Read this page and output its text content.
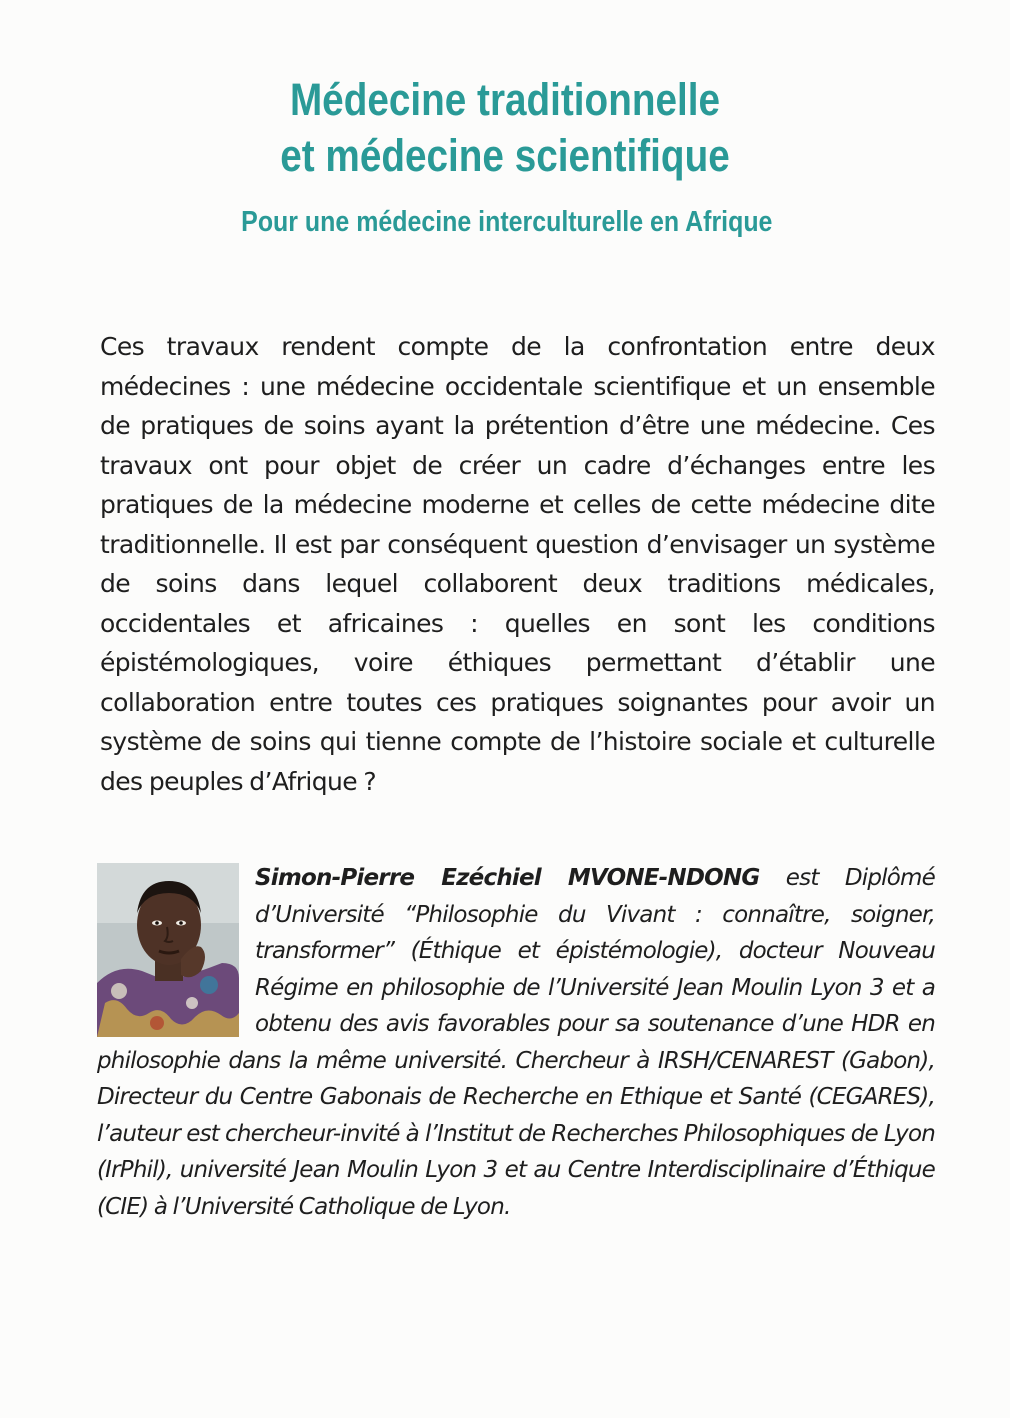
Médecine traditionnelle
et médecine scientifique
Pour une médecine interculturelle en Afrique
Ces travaux rendent compte de la confrontation entre deux médecines : une médecine occidentale scientifique et un ensemble de pratiques de soins ayant la prétention d’être une médecine. Ces travaux ont pour objet de créer un cadre d’échanges entre les pratiques de la médecine moderne et celles de cette médecine dite traditionnelle. Il est par conséquent question d’envisager un système de soins dans lequel collaborent deux traditions médicales, occidentales et africaines : quelles en sont les conditions épistémologiques, voire éthiques permettant d’établir une collaboration entre toutes ces pratiques soignantes pour avoir un système de soins qui tienne compte de l’histoire sociale et culturelle des peuples d’Afrique ?
Simon-Pierre Ezéchiel MVONE-NDONG est Diplômé d’Université “Philosophie du Vivant : connaître, soigner, transformer” (Éthique et épistémologie), docteur Nouveau Régime en philosophie de l’Université Jean Moulin Lyon 3 et a obtenu des avis favorables pour sa soutenance d’une HDR en philosophie dans la même université. Chercheur à IRSH/CENAREST (Gabon), Directeur du Centre Gabonais de Recherche en Ethique et Santé (CEGARES), l’auteur est chercheur-invité à l’Institut de Recherches Philosophiques de Lyon (IrPhil), université Jean Moulin Lyon 3 et au Centre Interdisciplinaire d’Éthique (CIE) à l’Université Catholique de Lyon.
